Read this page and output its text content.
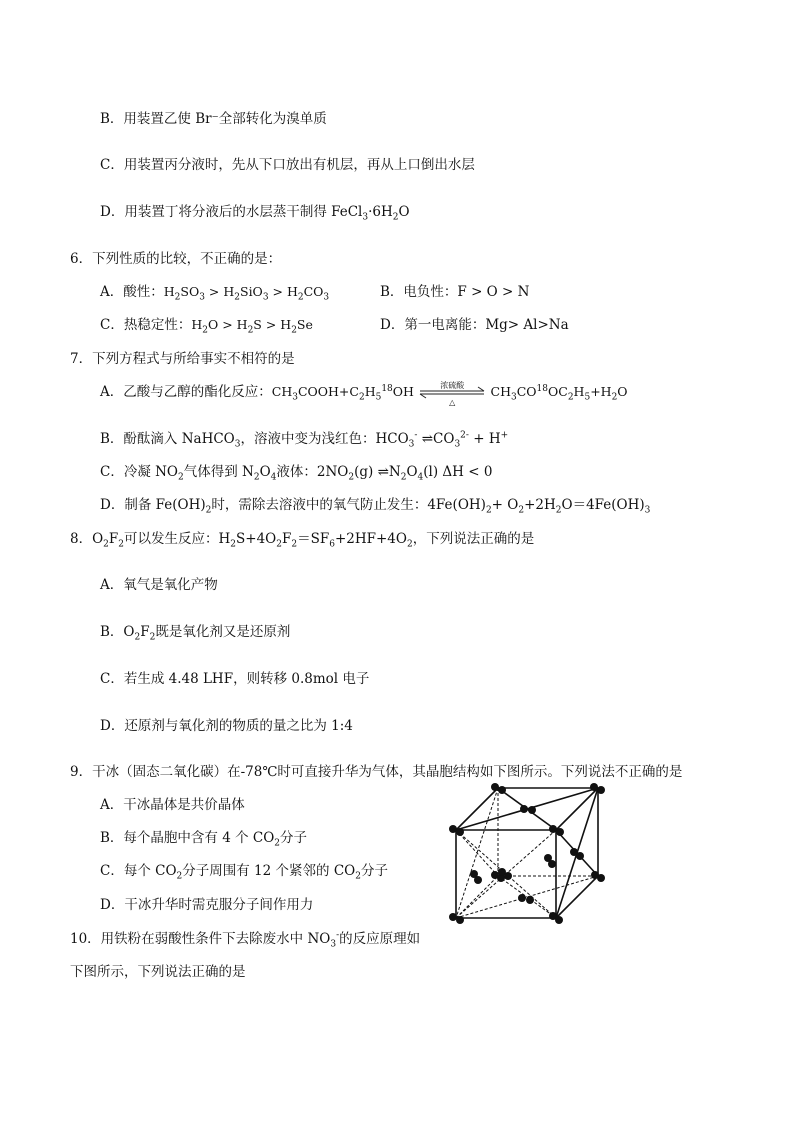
B．用装置乙使 Br⁻全部转化为溴单质
C．用装置丙分液时，先从下口放出有机层，再从上口倒出水层
D．用装置丁将分液后的水层蒸干制得 $FeCl_3\cdot 6H_2O$
6．下列性质的比较，不正确的是：
A．酸性：$H_2SO_3 > H_2SiO_3 > H_2CO_3$	B．电负性：F > O > N
C．热稳定性：$H_2O > H_2S > H_2Se$	D．第一电离能：Mg> Al>Na
7．下列方程式与所给事实不相符的是
A．乙酸与乙醇的酯化反应：$CH_3COOH+C_2H_5^{18}OH$	浓硫酸
△
$CH_3CO^{18}OC_2H_5+H_2O$
B．酚酞滴入 NaHCO$_3$，溶液中变为浅红色：$HCO_3^-$ $\rightleftharpoons CO_3^{2-} + H^+$
C．冷凝 $NO_2$气体得到 $N_2O_4$液体：$2NO_2(g)$ $\rightleftharpoons N_2O_4(l) \Delta H < 0$
D．制备 $Fe(OH)_2$时，需除去溶液中的氧气防止发生：$4Fe(OH)_2+ O_2+2H_2O=4Fe(OH)_3$
8．$O_2F_2$可以发生反应：$H_2S+4O_2F_2=SF_6+2HF+4O_2$，下列说法正确的是
A．氧气是氧化产物
B．$O_2F_2$既是氧化剂又是还原剂
C．若生成 4.48 LHF，则转移 0.8mol 电子
D．还原剂与氧化剂的物质的量之比为 1:4
9．干冰（固态二氧化碳）在-78℃时可直接升华为气体，其晶胞结构如下图所示。下列说法不正确的是
A．干冰晶体是共价晶体
B．每个晶胞中含有 4 个 $CO_2$分子
C．每个 $CO_2$分子周围有 12 个紧邻的 $CO_2$分子
D．干冰升华时需克服分子间作用力
10．用铁粉在弱酸性条件下去除废水中 $NO_3^-$的反应原理如
下图所示，下列说法正确的是
